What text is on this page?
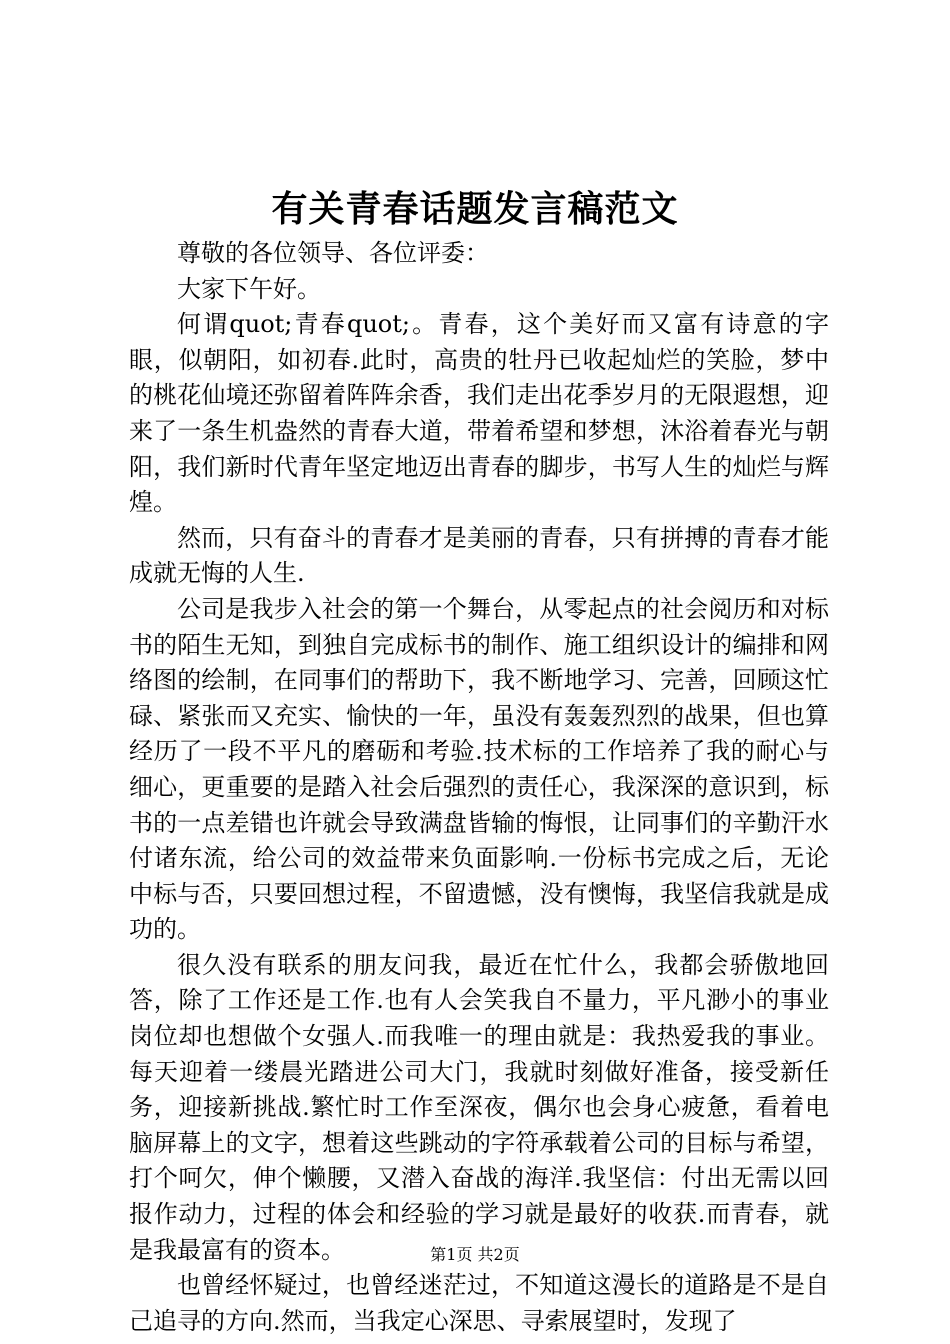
有关青春话题发言稿范文

尊敬的各位领导、各位评委：

大家下午好。

何谓quot;青春quot;。青春，这个美好而又富有诗意的字眼，似朝阳，如初春.此时，高贵的牡丹已收起灿烂的笑脸，梦中的桃花仙境还弥留着阵阵余香，我们走出花季岁月的无限遐想，迎来了一条生机盎然的青春大道，带着希望和梦想，沐浴着春光与朝阳，我们新时代青年坚定地迈出青春的脚步，书写人生的灿烂与辉煌。

然而，只有奋斗的青春才是美丽的青春，只有拼搏的青春才能成就无悔的人生.

公司是我步入社会的第一个舞台，从零起点的社会阅历和对标书的陌生无知，到独自完成标书的制作、施工组织设计的编排和网络图的绘制，在同事们的帮助下，我不断地学习、完善，回顾这忙碌、紧张而又充实、愉快的一年，虽没有轰轰烈烈的战果，但也算经历了一段不平凡的磨砺和考验.技术标的工作培养了我的耐心与细心，更重要的是踏入社会后强烈的责任心，我深深的意识到，标书的一点差错也许就会导致满盘皆输的悔恨，让同事们的辛勤汗水付诸东流，给公司的效益带来负面影响.一份标书完成之后，无论中标与否，只要回想过程，不留遗憾，没有懊悔，我坚信我就是成功的。

很久没有联系的朋友问我，最近在忙什么，我都会骄傲地回答，除了工作还是工作.也有人会笑我自不量力，平凡渺小的事业岗位却也想做个女强人.而我唯一的理由就是：我热爱我的事业。每天迎着一缕晨光踏进公司大门，我就时刻做好准备，接受新任务，迎接新挑战.繁忙时工作至深夜，偶尔也会身心疲惫，看着电脑屏幕上的文字，想着这些跳动的字符承载着公司的目标与希望，打个呵欠，伸个懒腰，又潜入奋战的海洋.我坚信：付出无需以回报作动力，过程的体会和经验的学习就是最好的收获.而青春，就是我最富有的资本。

也曾经怀疑过，也曾经迷茫过，不知道这漫长的道路是不是自己追寻的方向.然而，当我定心深思、寻索展望时，发现了

第1页 共2页
